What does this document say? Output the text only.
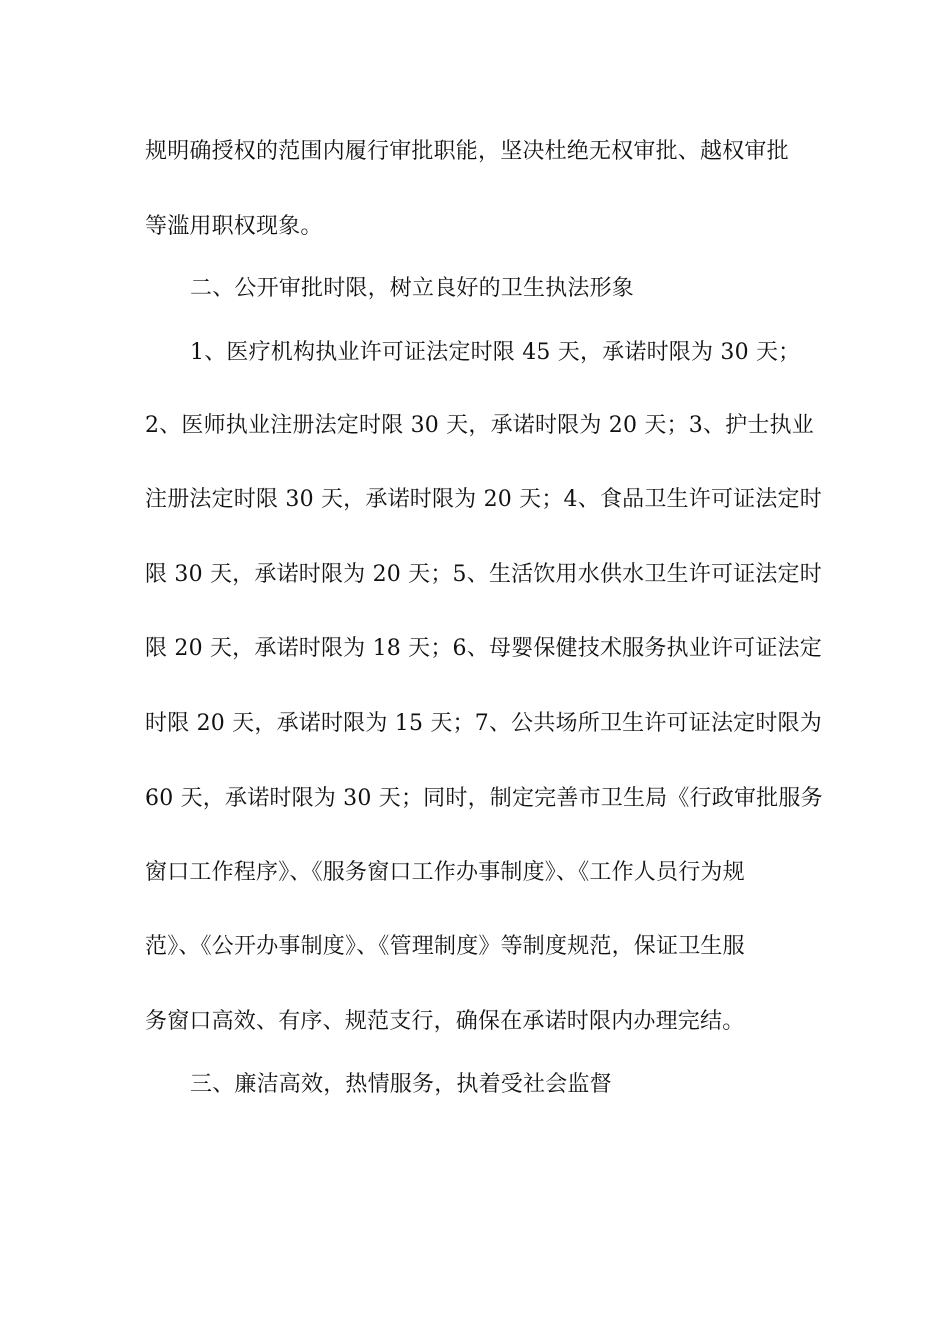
规明确授权的范围内履行审批职能，坚决杜绝无权审批、越权审批
等滥用职权现象。
二、公开审批时限，树立良好的卫生执法形象
1、医疗机构执业许可证法定时限 45 天，承诺时限为 30 天；
2、医师执业注册法定时限 30 天，承诺时限为 20 天；3、护士执业
注册法定时限 30 天，承诺时限为 20 天；4、食品卫生许可证法定时
限 30 天，承诺时限为 20 天；5、生活饮用水供水卫生许可证法定时
限 20 天，承诺时限为 18 天；6、母婴保健技术服务执业许可证法定
时限 20 天，承诺时限为 15 天；7、公共场所卫生许可证法定时限为
60 天，承诺时限为 30 天；同时，制定完善市卫生局《行政审批服务
窗口工作程序》、《服务窗口工作办事制度》、《工作人员行为规
范》、《公开办事制度》、《管理制度》等制度规范，保证卫生服
务窗口高效、有序、规范支行，确保在承诺时限内办理完结。
三、廉洁高效，热情服务，执着受社会监督
